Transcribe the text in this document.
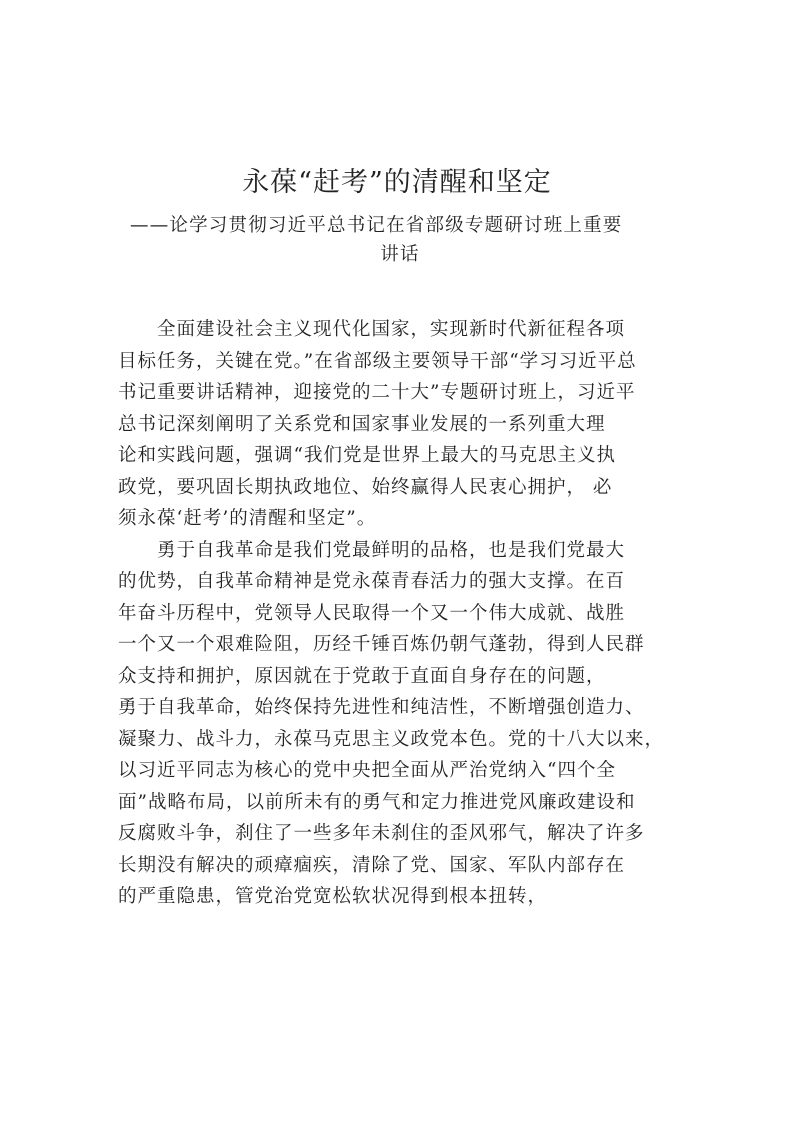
永葆“赶考”的清醒和坚定
——论学习贯彻习近平总书记在省部级专题研讨班上重要
讲话
　　全面建设社会主义现代化国家，实现新时代新征程各项
目标任务，关键在党。”在省部级主要领导干部“学习习近平总
书记重要讲话精神，迎接党的二十大”专题研讨班上，习近平
总书记深刻阐明了关系党和国家事业发展的一系列重大理
论和实践问题，强调“我们党是世界上最大的马克思主义执
政党，要巩固长期执政地位、始终赢得人民衷心拥护， 必
须永葆‘赶考’的清醒和坚定”。
　　勇于自我革命是我们党最鲜明的品格，也是我们党最大
的优势，自我革命精神是党永葆青春活力的强大支撑。在百
年奋斗历程中，党领导人民取得一个又一个伟大成就、战胜
一个又一个艰难险阻，历经千锤百炼仍朝气蓬勃，得到人民群
众支持和拥护，原因就在于党敢于直面自身存在的问题，
勇于自我革命，始终保持先进性和纯洁性，不断增强创造力、
凝聚力、战斗力，永葆马克思主义政党本色。党的十八大以来，
以习近平同志为核心的党中央把全面从严治党纳入“四个全
面”战略布局，以前所未有的勇气和定力推进党风廉政建设和
反腐败斗争，刹住了一些多年未刹住的歪风邪气，解决了许多
长期没有解决的顽瘴痼疾，清除了党、国家、军队内部存在
的严重隐患，管党治党宽松软状况得到根本扭转，
